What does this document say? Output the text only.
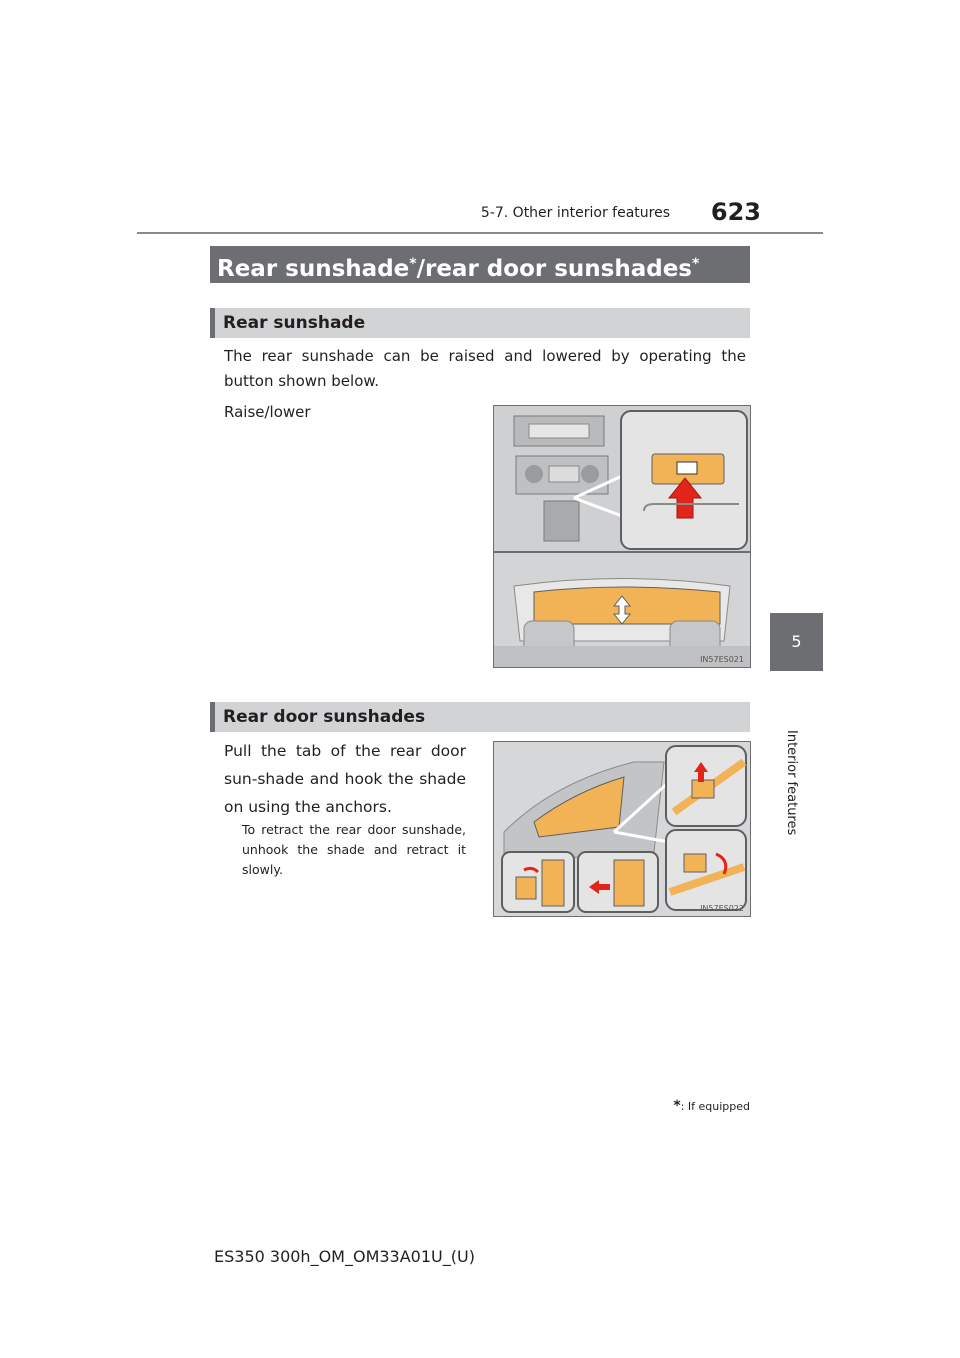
5-7. Other interior features 623
5
Interior features
Rear sunshade*/rear door sunshades*
Rear sunshade
The rear sunshade can be raised and lowered by operating the button shown below.
Raise/lower
IN57ES021
Rear door sunshades
Pull the tab of the rear door sun-shade and hook the shade on using the anchors.
To retract the rear door sunshade, unhook the shade and retract it slowly.
IN57ES022
*: If equipped
ES350 300h_OM_OM33A01U_(U)
